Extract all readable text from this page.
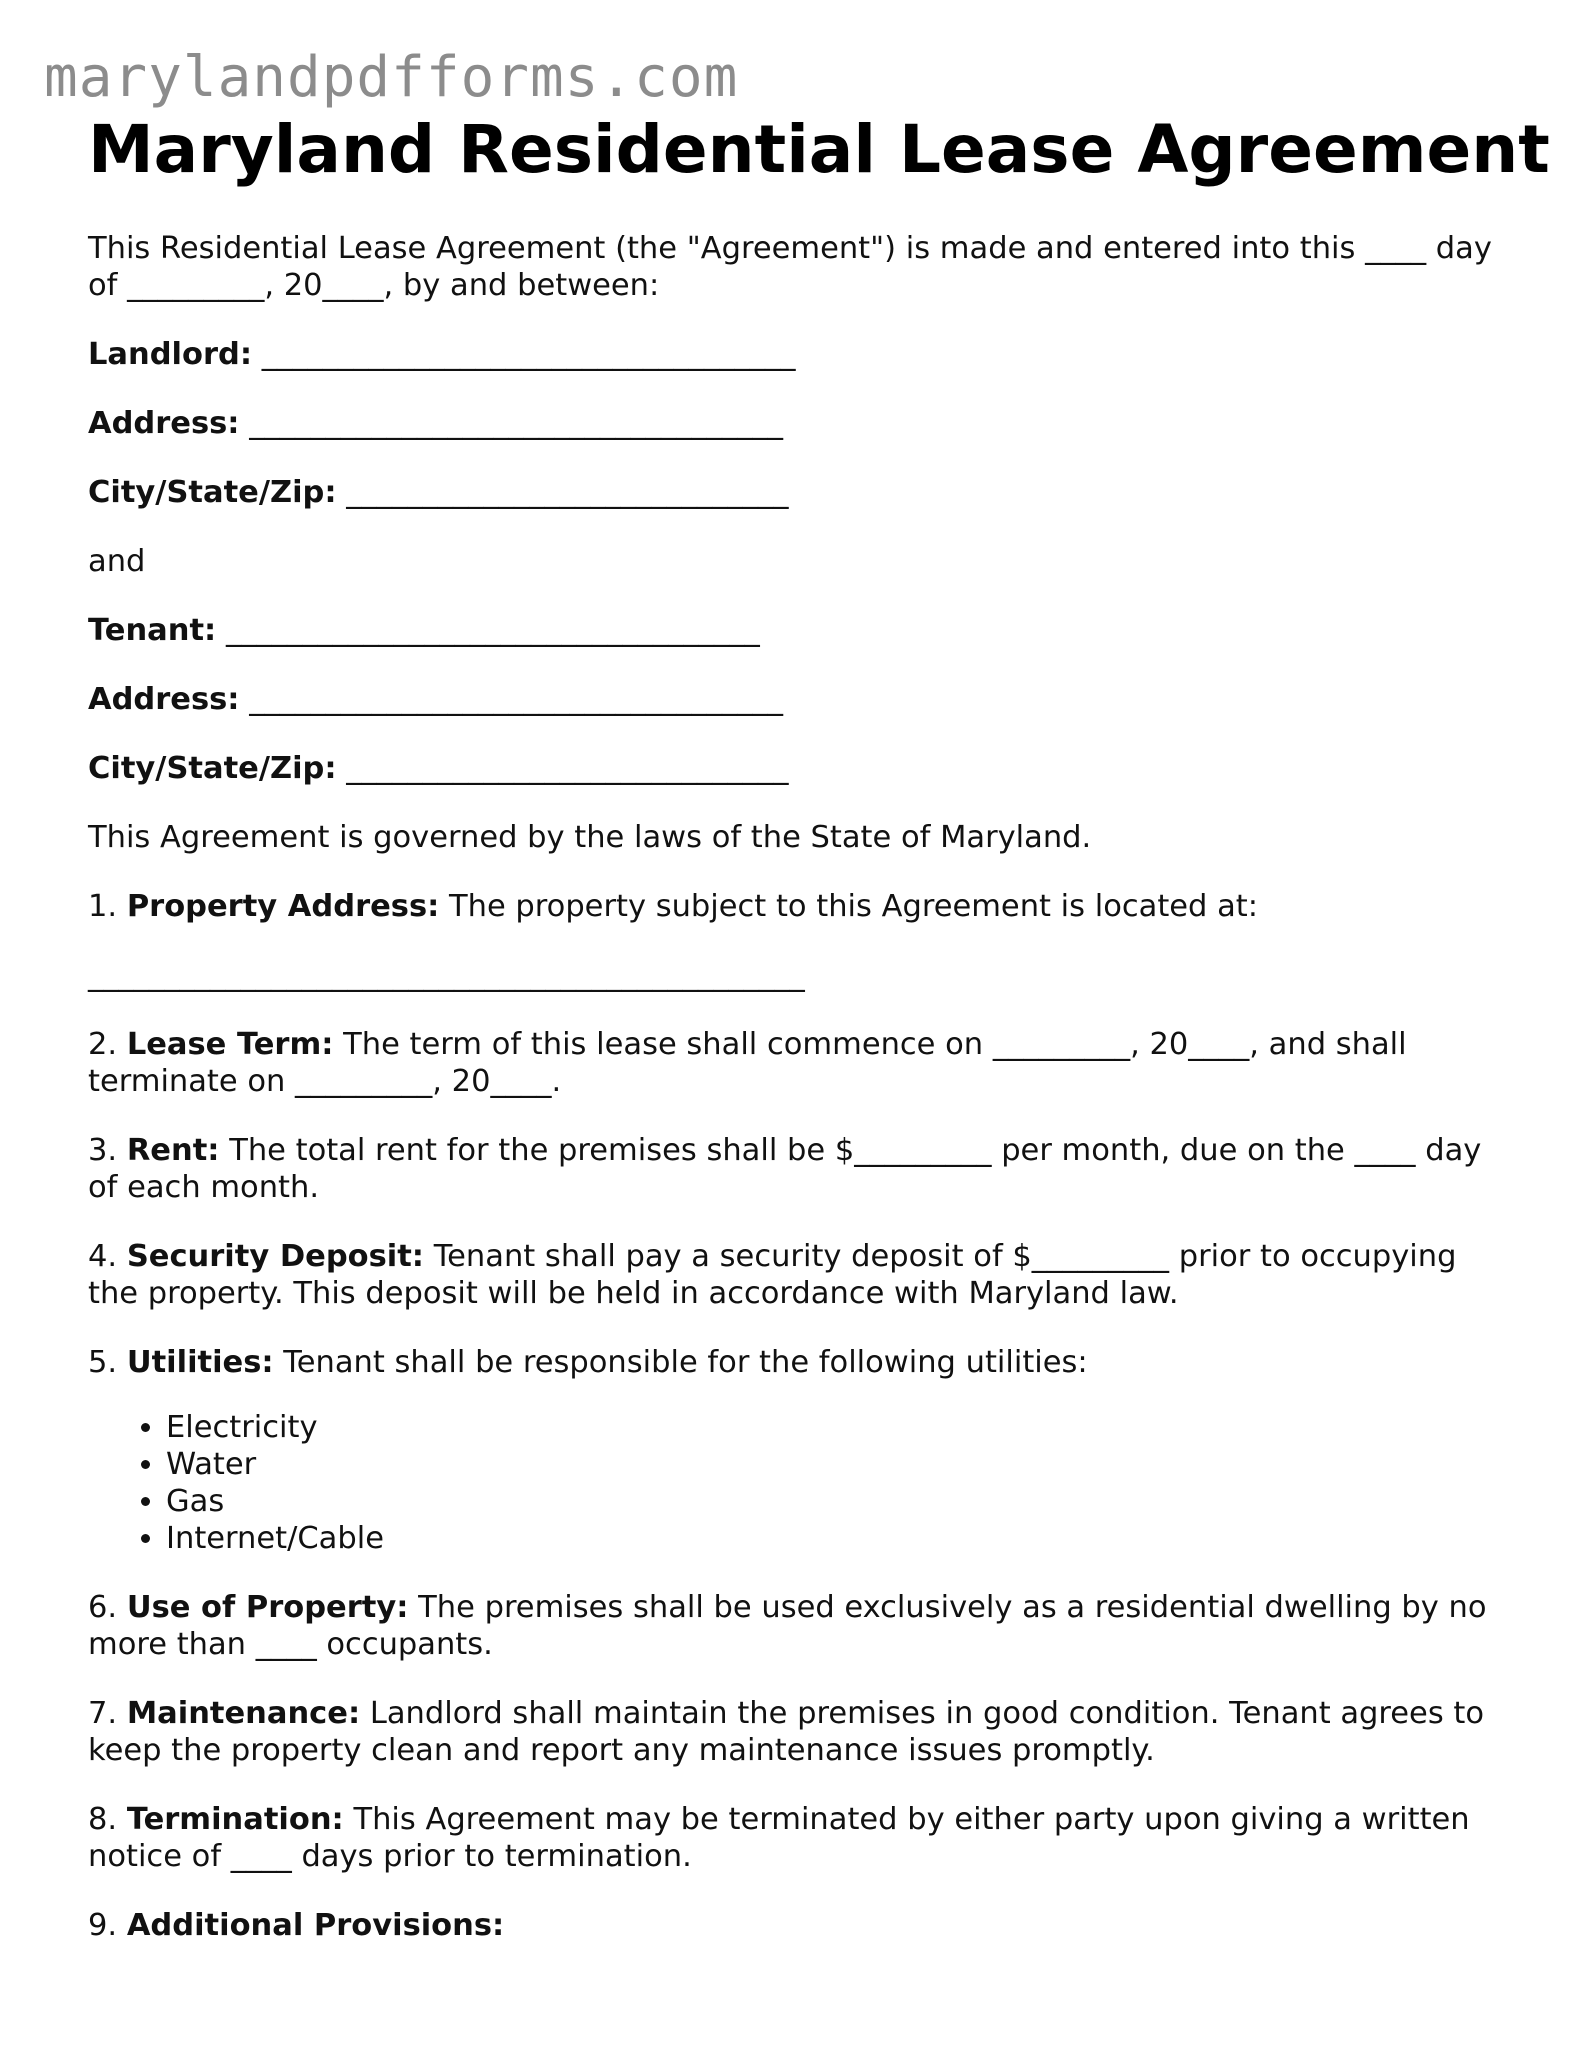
marylandpdfforms.com
Maryland Residential Lease Agreement

This Residential Lease Agreement (the "Agreement") is made and entered into this ____ day of _________, 20____, by and between:

Landlord: ___________________________________

Address: ___________________________________

City/State/Zip: _____________________________

and

Tenant: ___________________________________

Address: ___________________________________

City/State/Zip: _____________________________

This Agreement is governed by the laws of the State of Maryland.

1. Property Address: The property subject to this Agreement is located at:

_______________________________________________

2. Lease Term: The term of this lease shall commence on _________, 20____, and shall terminate on _________, 20____.

3. Rent: The total rent for the premises shall be $_________ per month, due on the ____ day of each month.

4. Security Deposit: Tenant shall pay a security deposit of $_________ prior to occupying the property. This deposit will be held in accordance with Maryland law.

5. Utilities: Tenant shall be responsible for the following utilities:

• Electricity
• Water
• Gas
• Internet/Cable

6. Use of Property: The premises shall be used exclusively as a residential dwelling by no more than ____ occupants.

7. Maintenance: Landlord shall maintain the premises in good condition. Tenant agrees to keep the property clean and report any maintenance issues promptly.

8. Termination: This Agreement may be terminated by either party upon giving a written notice of ____ days prior to termination.

9. Additional Provisions:
